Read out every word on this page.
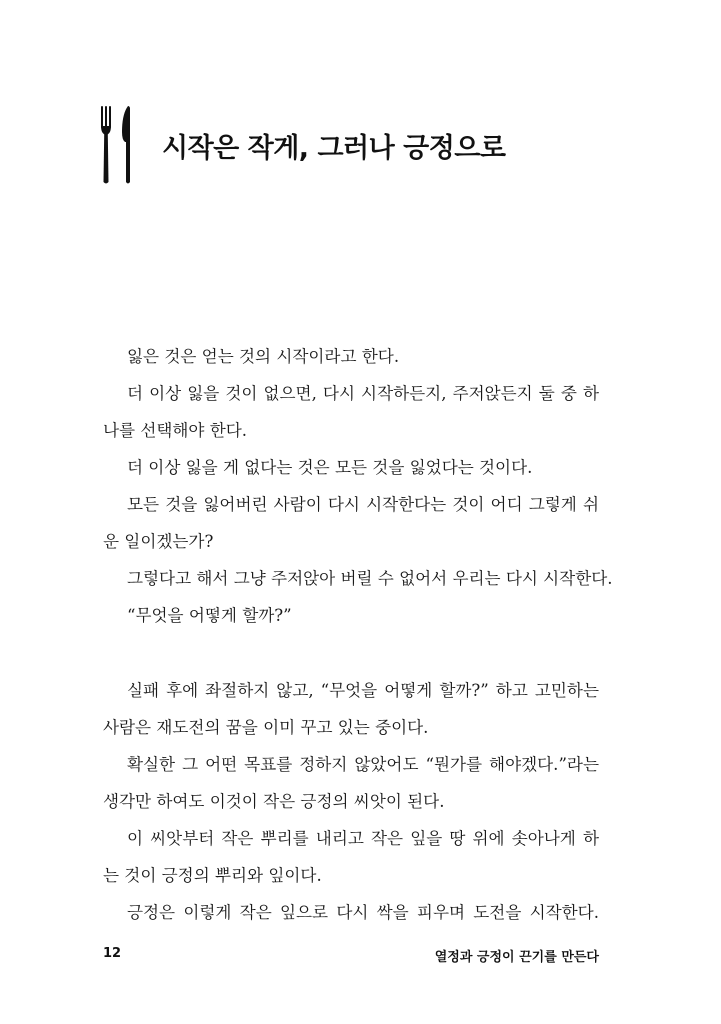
시작은 작게, 그러나 긍정으로
잃은 것은 얻는 것의 시작이라고 한다.
더 이상 잃을 것이 없으면, 다시 시작하든지, 주저앉든지 둘 중 하
나를 선택해야 한다.
더 이상 잃을 게 없다는 것은 모든 것을 잃었다는 것이다.
모든 것을 잃어버린 사람이 다시 시작한다는 것이 어디 그렇게 쉬
운 일이겠는가?
그렇다고 해서 그냥 주저앉아 버릴 수 없어서 우리는 다시 시작한다.
“무엇을 어떻게 할까?”
실패 후에 좌절하지 않고, “무엇을 어떻게 할까?” 하고 고민하는
사람은 재도전의 꿈을 이미 꾸고 있는 중이다.
확실한 그 어떤 목표를 정하지 않았어도 “뭔가를 해야겠다.”라는
생각만 하여도 이것이 작은 긍정의 씨앗이 된다.
이 씨앗부터 작은 뿌리를 내리고 작은 잎을 땅 위에 솟아나게 하
는 것이 긍정의 뿌리와 잎이다.
긍정은 이렇게 작은 잎으로 다시 싹을 피우며 도전을 시작한다.
12	열정과 긍정이 끈기를 만든다
